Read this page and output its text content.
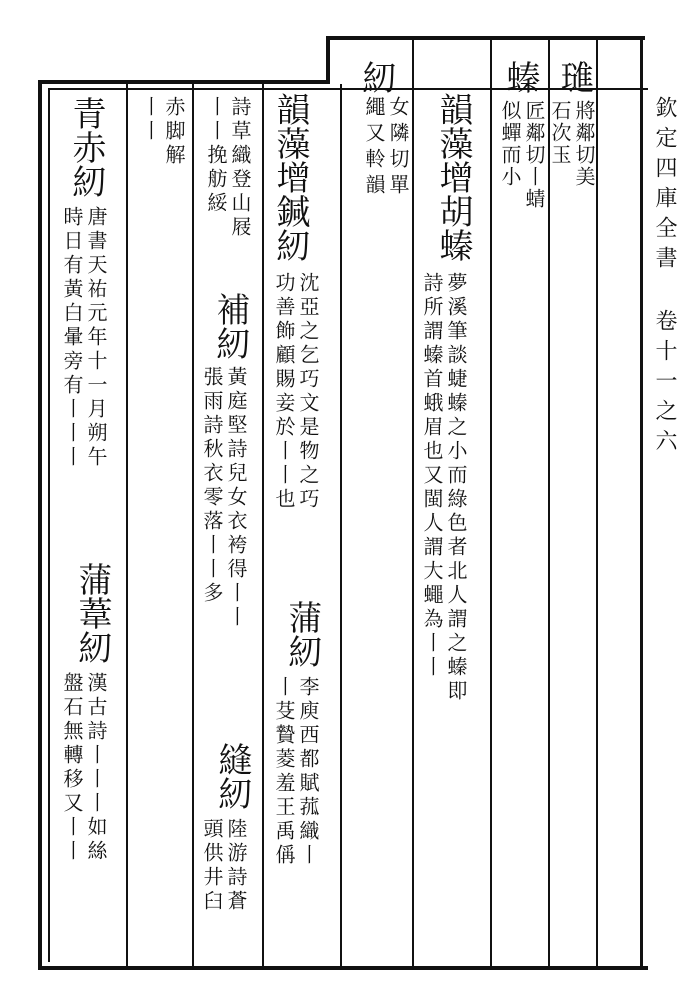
欽定四庫全書 卷十一之六
璡
將鄰切美
石次玉
螓
匠鄰切丨蜻
似蟬而小
韻藻增胡螓
夢溪筆談蜨螓之小而綠色者北人謂之螓即
詩所謂螓首蛾眉也又閩人謂大蠅為丨丨
紉
女隣切單
繩又軨韻
韻藻增鍼紉
沈亞之乞巧文是物之巧
功善飾顧賜妾於丨丨也
蒲紉
李庾西都賦菰織丨
丨芟贄菱羞王禹偁
詩草織登山屐
丨丨挽舫綏
補紉
黃庭堅詩兒女衣袴得丨丨
張雨詩秋衣零落丨丨多
縫紉
陸游詩蒼
頭供井臼
赤脚解
丨丨
青赤紉
唐書天祐元年十一月朔午
時日有黃白暈旁有丨丨丨
蒲葦紉
漢古詩丨丨丨如絲
盤石無轉移又丨丨
